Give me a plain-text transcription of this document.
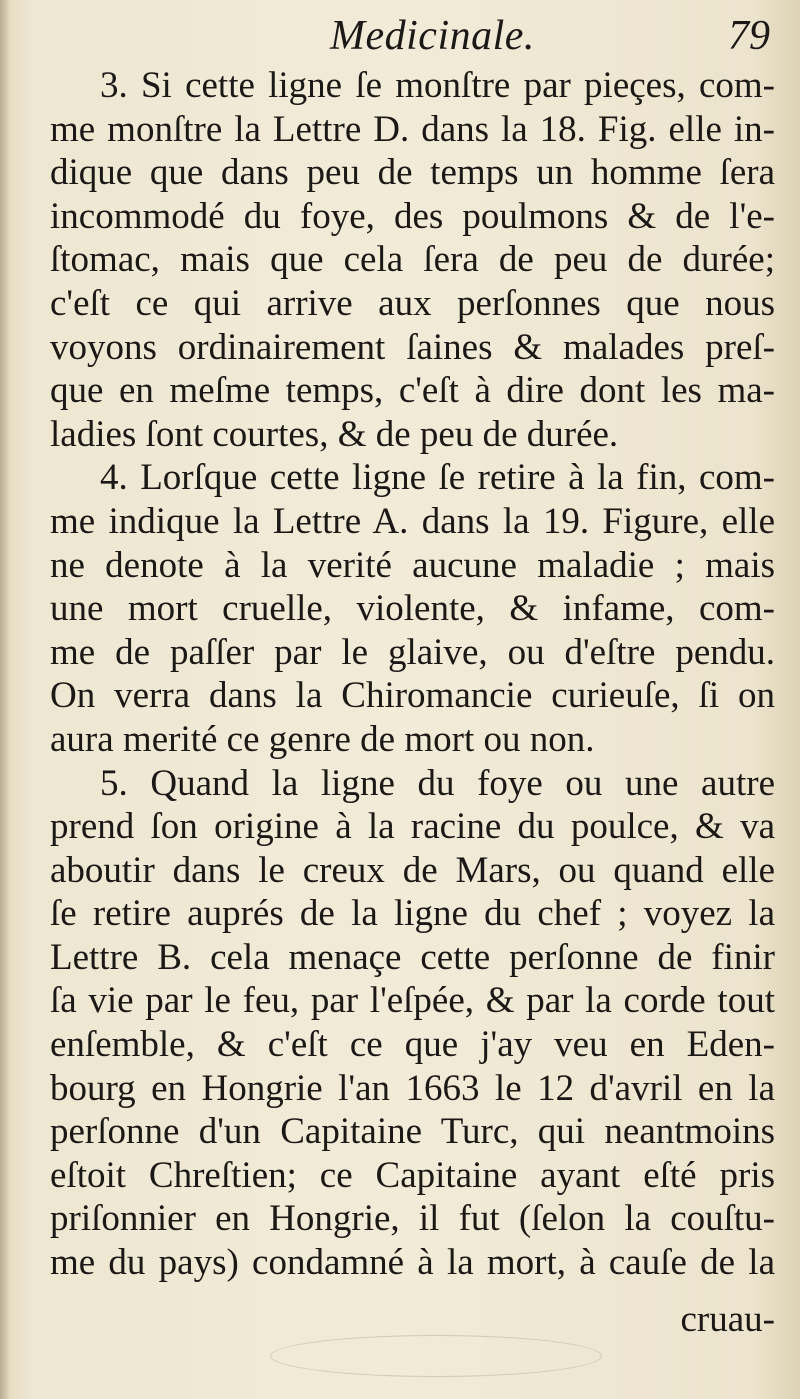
Medicinale.	79
3. Si cette ligne ſe monſtre par pieçes, com-
me monſtre la Lettre D. dans la 18. Fig. elle in-
dique que dans peu de temps un homme ſera
incommodé du foye, des poulmons & de l'e-
ſtomac, mais que cela ſera de peu de durée;
c'eſt ce qui arrive aux perſonnes que nous
voyons ordinairement ſaines & malades preſ-
que en meſme temps, c'eſt à dire dont les ma-
ladies ſont courtes, & de peu de durée.
4. Lorſque cette ligne ſe retire à la fin, com-
me indique la Lettre A. dans la 19. Figure, elle
ne denote à la verité aucune maladie ; mais
une mort cruelle, violente, & infame, com-
me de paſſer par le glaive, ou d'eſtre pendu.
On verra dans la Chiromancie curieuſe, ſi on
aura merité ce genre de mort ou non.
5. Quand la ligne du foye ou une autre
prend ſon origine à la racine du poulce, & va
aboutir dans le creux de Mars, ou quand elle
ſe retire auprés de la ligne du chef ; voyez la
Lettre B. cela menaçe cette perſonne de finir
ſa vie par le feu, par l'eſpée, & par la corde tout
enſemble, & c'eſt ce que j'ay veu en Eden-
bourg en Hongrie l'an 1663 le 12 d'avril en la
perſonne d'un Capitaine Turc, qui neantmoins
eſtoit Chreſtien; ce Capitaine ayant eſté pris
priſonnier en Hongrie, il fut (ſelon la couſtu-
me du pays) condamné à la mort, à cauſe de la
cruau-
